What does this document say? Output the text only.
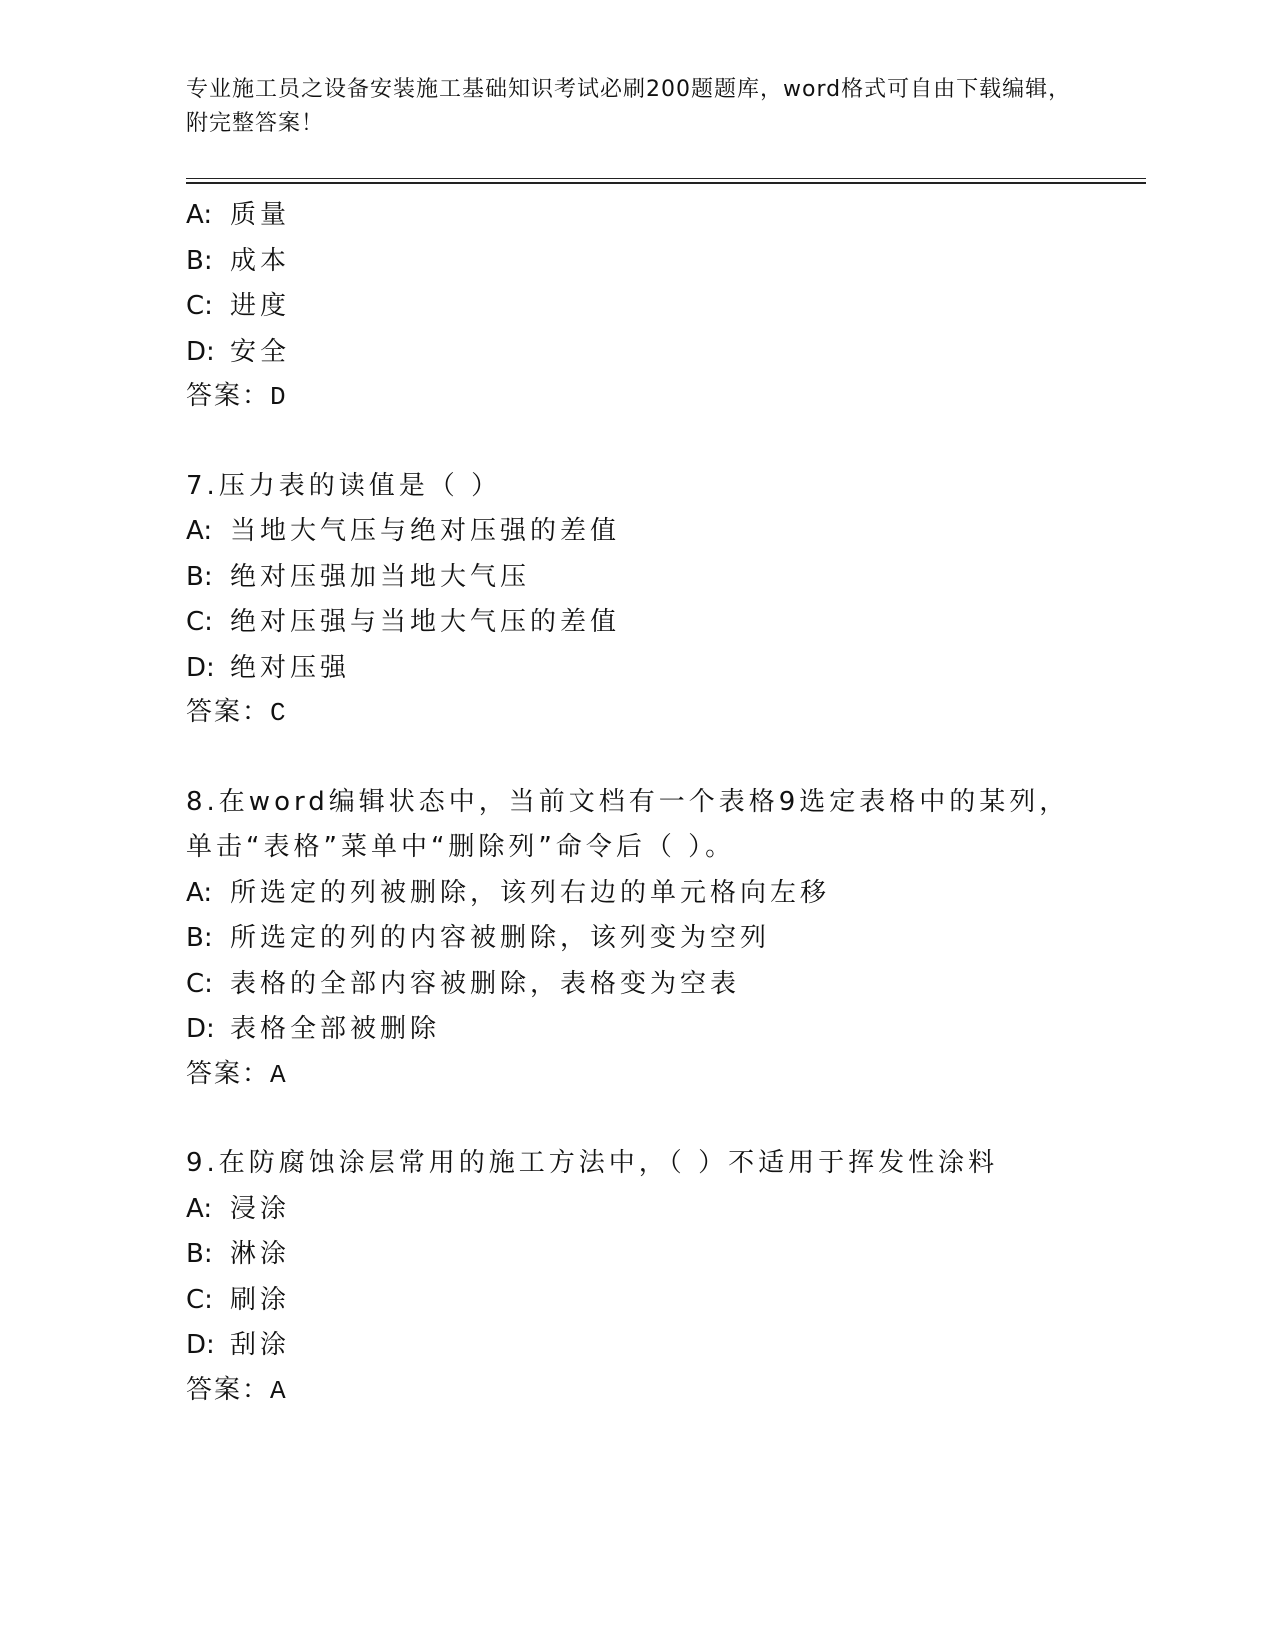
专业施工员之设备安装施工基础知识考试必刷200题题库，word格式可自由下载编辑，附完整答案！
A: 质量
B: 成本
C: 进度
D: 安全
答案：D
7.压力表的读值是（ ）
A: 当地大气压与绝对压强的差值
B: 绝对压强加当地大气压
C: 绝对压强与当地大气压的差值
D: 绝对压强
答案：C
8.在word编辑状态中，当前文档有一个表格9选定表格中的某列，单击“表格”菜单中“删除列”命令后（ ）。
A: 所选定的列被删除，该列右边的单元格向左移
B: 所选定的列的内容被删除，该列变为空列
C: 表格的全部内容被删除，表格变为空表
D: 表格全部被删除
答案：A
9.在防腐蚀涂层常用的施工方法中，（ ）不适用于挥发性涂料
A: 浸涂
B: 淋涂
C: 刷涂
D: 刮涂
答案：A
